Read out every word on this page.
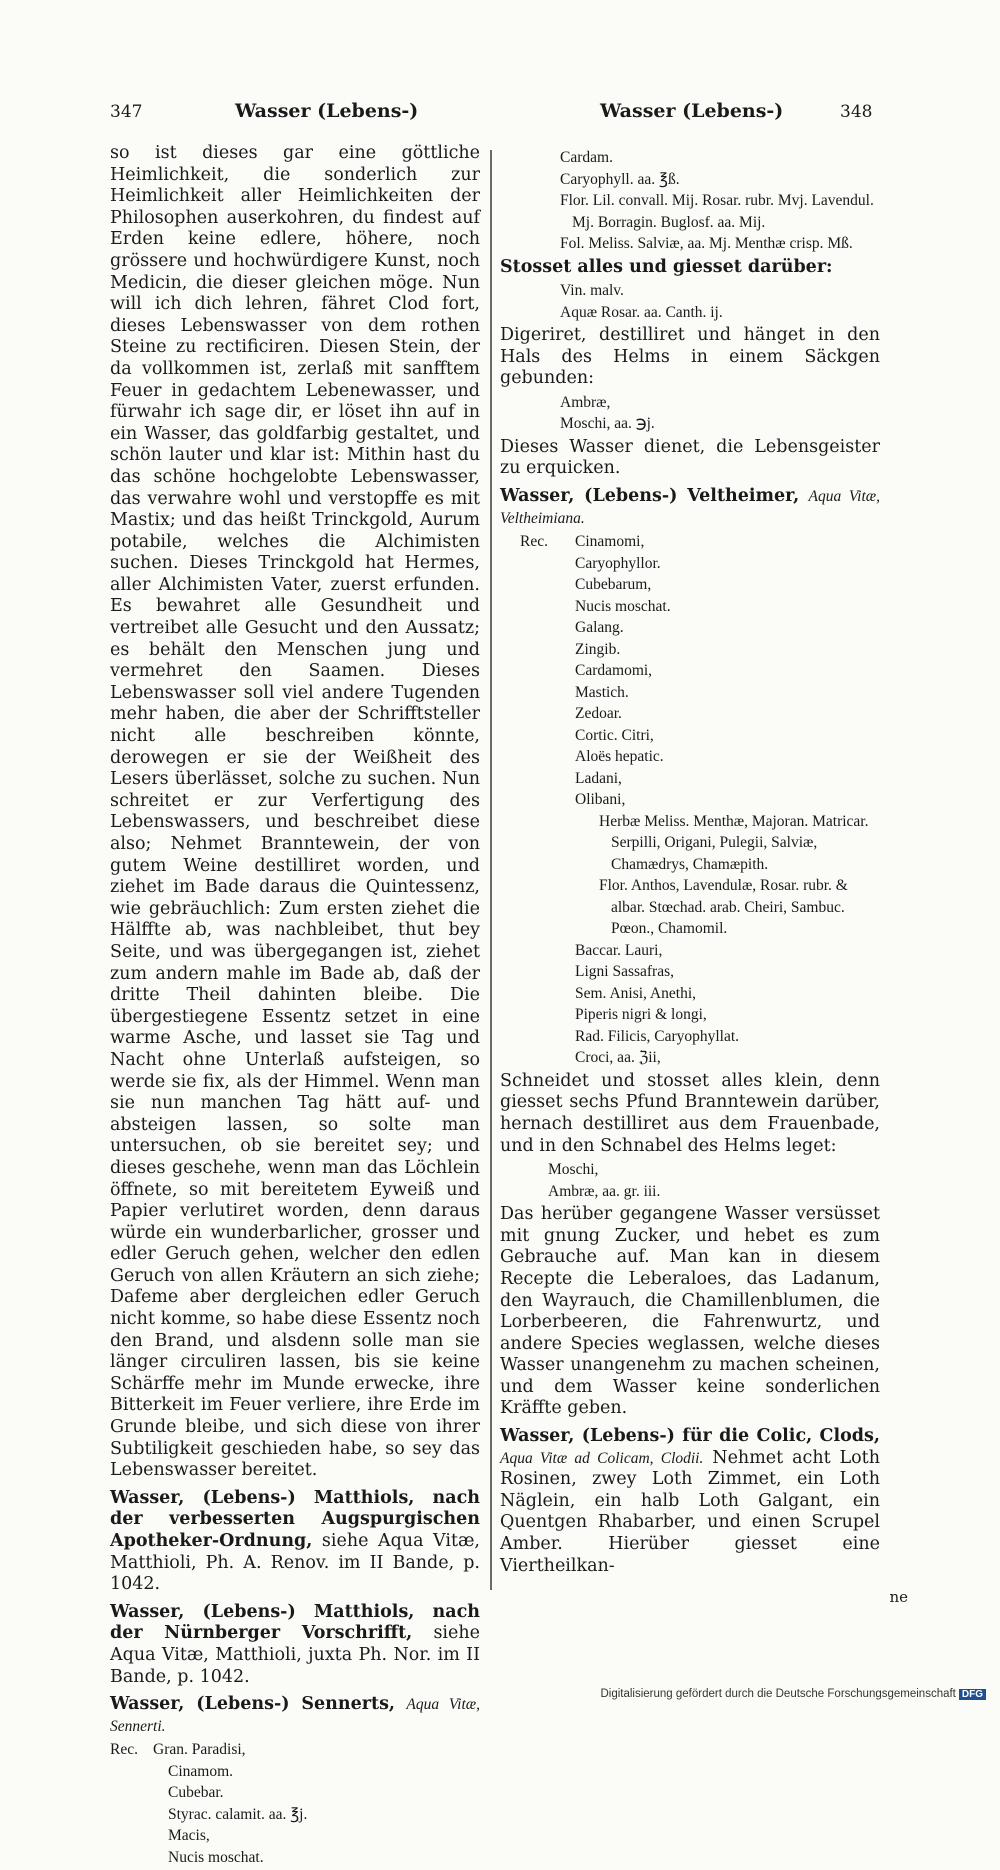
347	Wasser (Lebens-)	Wasser (Lebens-)	348

so ist dieses gar eine göttliche Heimlichkeit, die sonderlich zur Heimlichkeit aller Heimlichkeiten der Philosophen auserkohren, du findest auf Erden keine edlere, höhere, noch grössere und hochwürdigere Kunst, noch Medicin, die dieser gleichen möge. Nun will ich dich lehren, fähret Clod fort, dieses Lebenswasser von dem rothen Steine zu rectificiren. Diesen Stein, der da vollkommen ist, zerlaß mit sanfftem Feuer in gedachtem Lebenewasser, und fürwahr ich sage dir, er löset ihn auf in ein Wasser, das goldfarbig gestaltet, und schön lauter und klar ist: Mithin hast du das schöne hochgelobte Lebenswasser, das verwahre wohl und verstopffe es mit Mastix; und das heißt Trinckgold, Aurum potabile, welches die Alchimisten suchen. Dieses Trinckgold hat Hermes, aller Alchimisten Vater, zuerst erfunden. Es bewahret alle Gesundheit und vertreibet alle Gesucht und den Aussatz; es behält den Menschen jung und vermehret den Saamen. Dieses Lebenswasser soll viel andere Tugenden mehr haben, die aber der Schrifftsteller nicht alle beschreiben könnte, derowegen er sie der Weißheit des Lesers überlässet, solche zu suchen. Nun schreitet er zur Verfertigung des Lebenswassers, und beschreibet diese also; Nehmet Branntewein, der von gutem Weine destilliret worden, und ziehet im Bade daraus die Quintessenz, wie gebräuchlich: Zum ersten ziehet die Hälffte ab, was nachbleibet, thut bey Seite, und was übergegangen ist, ziehet zum andern mahle im Bade ab, daß der dritte Theil dahinten bleibe. Die übergestiegene Essentz setzet in eine warme Asche, und lasset sie Tag und Nacht ohne Unterlaß aufsteigen, so werde sie fix, als der Himmel. Wenn man sie nun manchen Tag hätt auf- und absteigen lassen, so solte man untersuchen, ob sie bereitet sey; und dieses geschehe, wenn man das Löchlein öffnete, so mit bereitetem Eyweiß und Papier verlutiret worden, denn daraus würde ein wunderbarlicher, grosser und edler Geruch gehen, welcher den edlen Geruch von allen Kräutern an sich ziehe; Dafeme aber dergleichen edler Geruch nicht komme, so habe diese Essentz noch den Brand, und alsdenn solle man sie länger circuliren lassen, bis sie keine Schärffe mehr im Munde erwecke, ihre Bitterkeit im Feuer verliere, ihre Erde im Grunde bleibe, und sich diese von ihrer Subtiligkeit geschieden habe, so sey das Lebenswasser bereitet.

Wasser, (Lebens-) Matthiols, nach der verbesserten Augspurgischen Apotheker-Ordnung, siehe Aqua Vitæ, Matthioli, Ph. A. Renov. im II Bande, p. 1042.

Wasser, (Lebens-) Matthiols, nach der Nürnberger Vorschrifft, siehe Aqua Vitæ, Matthioli, juxta Ph. Nor. im II Bande, p. 1042.

Wasser, (Lebens-) Sennerts, Aqua Vitæ, Sennerti.

Rec. Gran. Paradisi,
Cinamom.
Cubebar.
Styrac. calamit. aa. ℥j.
Macis,
Nucis moschat.
Cardam.
Caryophyll. aa. ℥ß.
Flor. Lil. convall. Mij. Rosar. rubr. Mvj. Lavendul. Mj. Borragin. Buglosf. aa. Mij.
Fol. Meliss. Salviæ, aa. Mj. Menthæ crisp. Mß.

Stosset alles und giesset darüber:

Vin. malv.
Aquæ Rosar. aa. Canth. ij.

Digeriret, destilliret und hänget in den Hals des Helms in einem Säckgen gebunden:

Ambræ,
Moschi, aa. ℈j.

Dieses Wasser dienet, die Lebensgeister zu erquicken.

Wasser, (Lebens-) Veltheimer, Aqua Vitæ, Veltheimiana.

Rec.	Cinamomi,
Caryophyllor.
Cubebarum,
Nucis moschat.
Galang.
Zingib.
Cardamomi,
Mastich.
Zedoar.
Cortic. Citri,
Aloës hepatic.
Ladani,
Olibani,
Herbæ Meliss. Menthæ, Majoran. Matricar. Serpilli, Origani, Pulegii, Salviæ, Chamædrys, Chamæpith.
Flor. Anthos, Lavendulæ, Rosar. rubr. & albar. Stœchad. arab. Cheiri, Sambuc. Pœon., Chamomil.
Baccar. Lauri,
Ligni Sassafras,
Sem. Anisi, Anethi,
Piperis nigri & longi,
Rad. Filicis, Caryophyllat.
Croci, aa. ℨii,

Schneidet und stosset alles klein, denn giesset sechs Pfund Branntewein darüber, hernach destilliret aus dem Frauenbade, und in den Schnabel des Helms leget:

Moschi,
Ambræ, aa. gr. iii.

Das herüber gegangene Wasser versüsset mit gnung Zucker, und hebet es zum Gebrauche auf. Man kan in diesem Recepte die Leberaloes, das Ladanum, den Wayrauch, die Chamillenblumen, die Lorberbeeren, die Fahrenwurtz, und andere Species weglassen, welche dieses Wasser unangenehm zu machen scheinen, und dem Wasser keine sonderlichen Kräffte geben.

Wasser, (Lebens-) für die Colic, Clods, Aqua Vitæ ad Colicam, Clodii. Nehmet acht Loth Rosinen, zwey Loth Zimmet, ein Loth Näglein, ein halb Loth Galgant, ein Quentgen Rhabarber, und einen Scrupel Amber. Hierüber giesset eine Viertheilkan-

ne
Digitalisierung gefördert durch die Deutsche Forschungsgemeinschaft DFG
